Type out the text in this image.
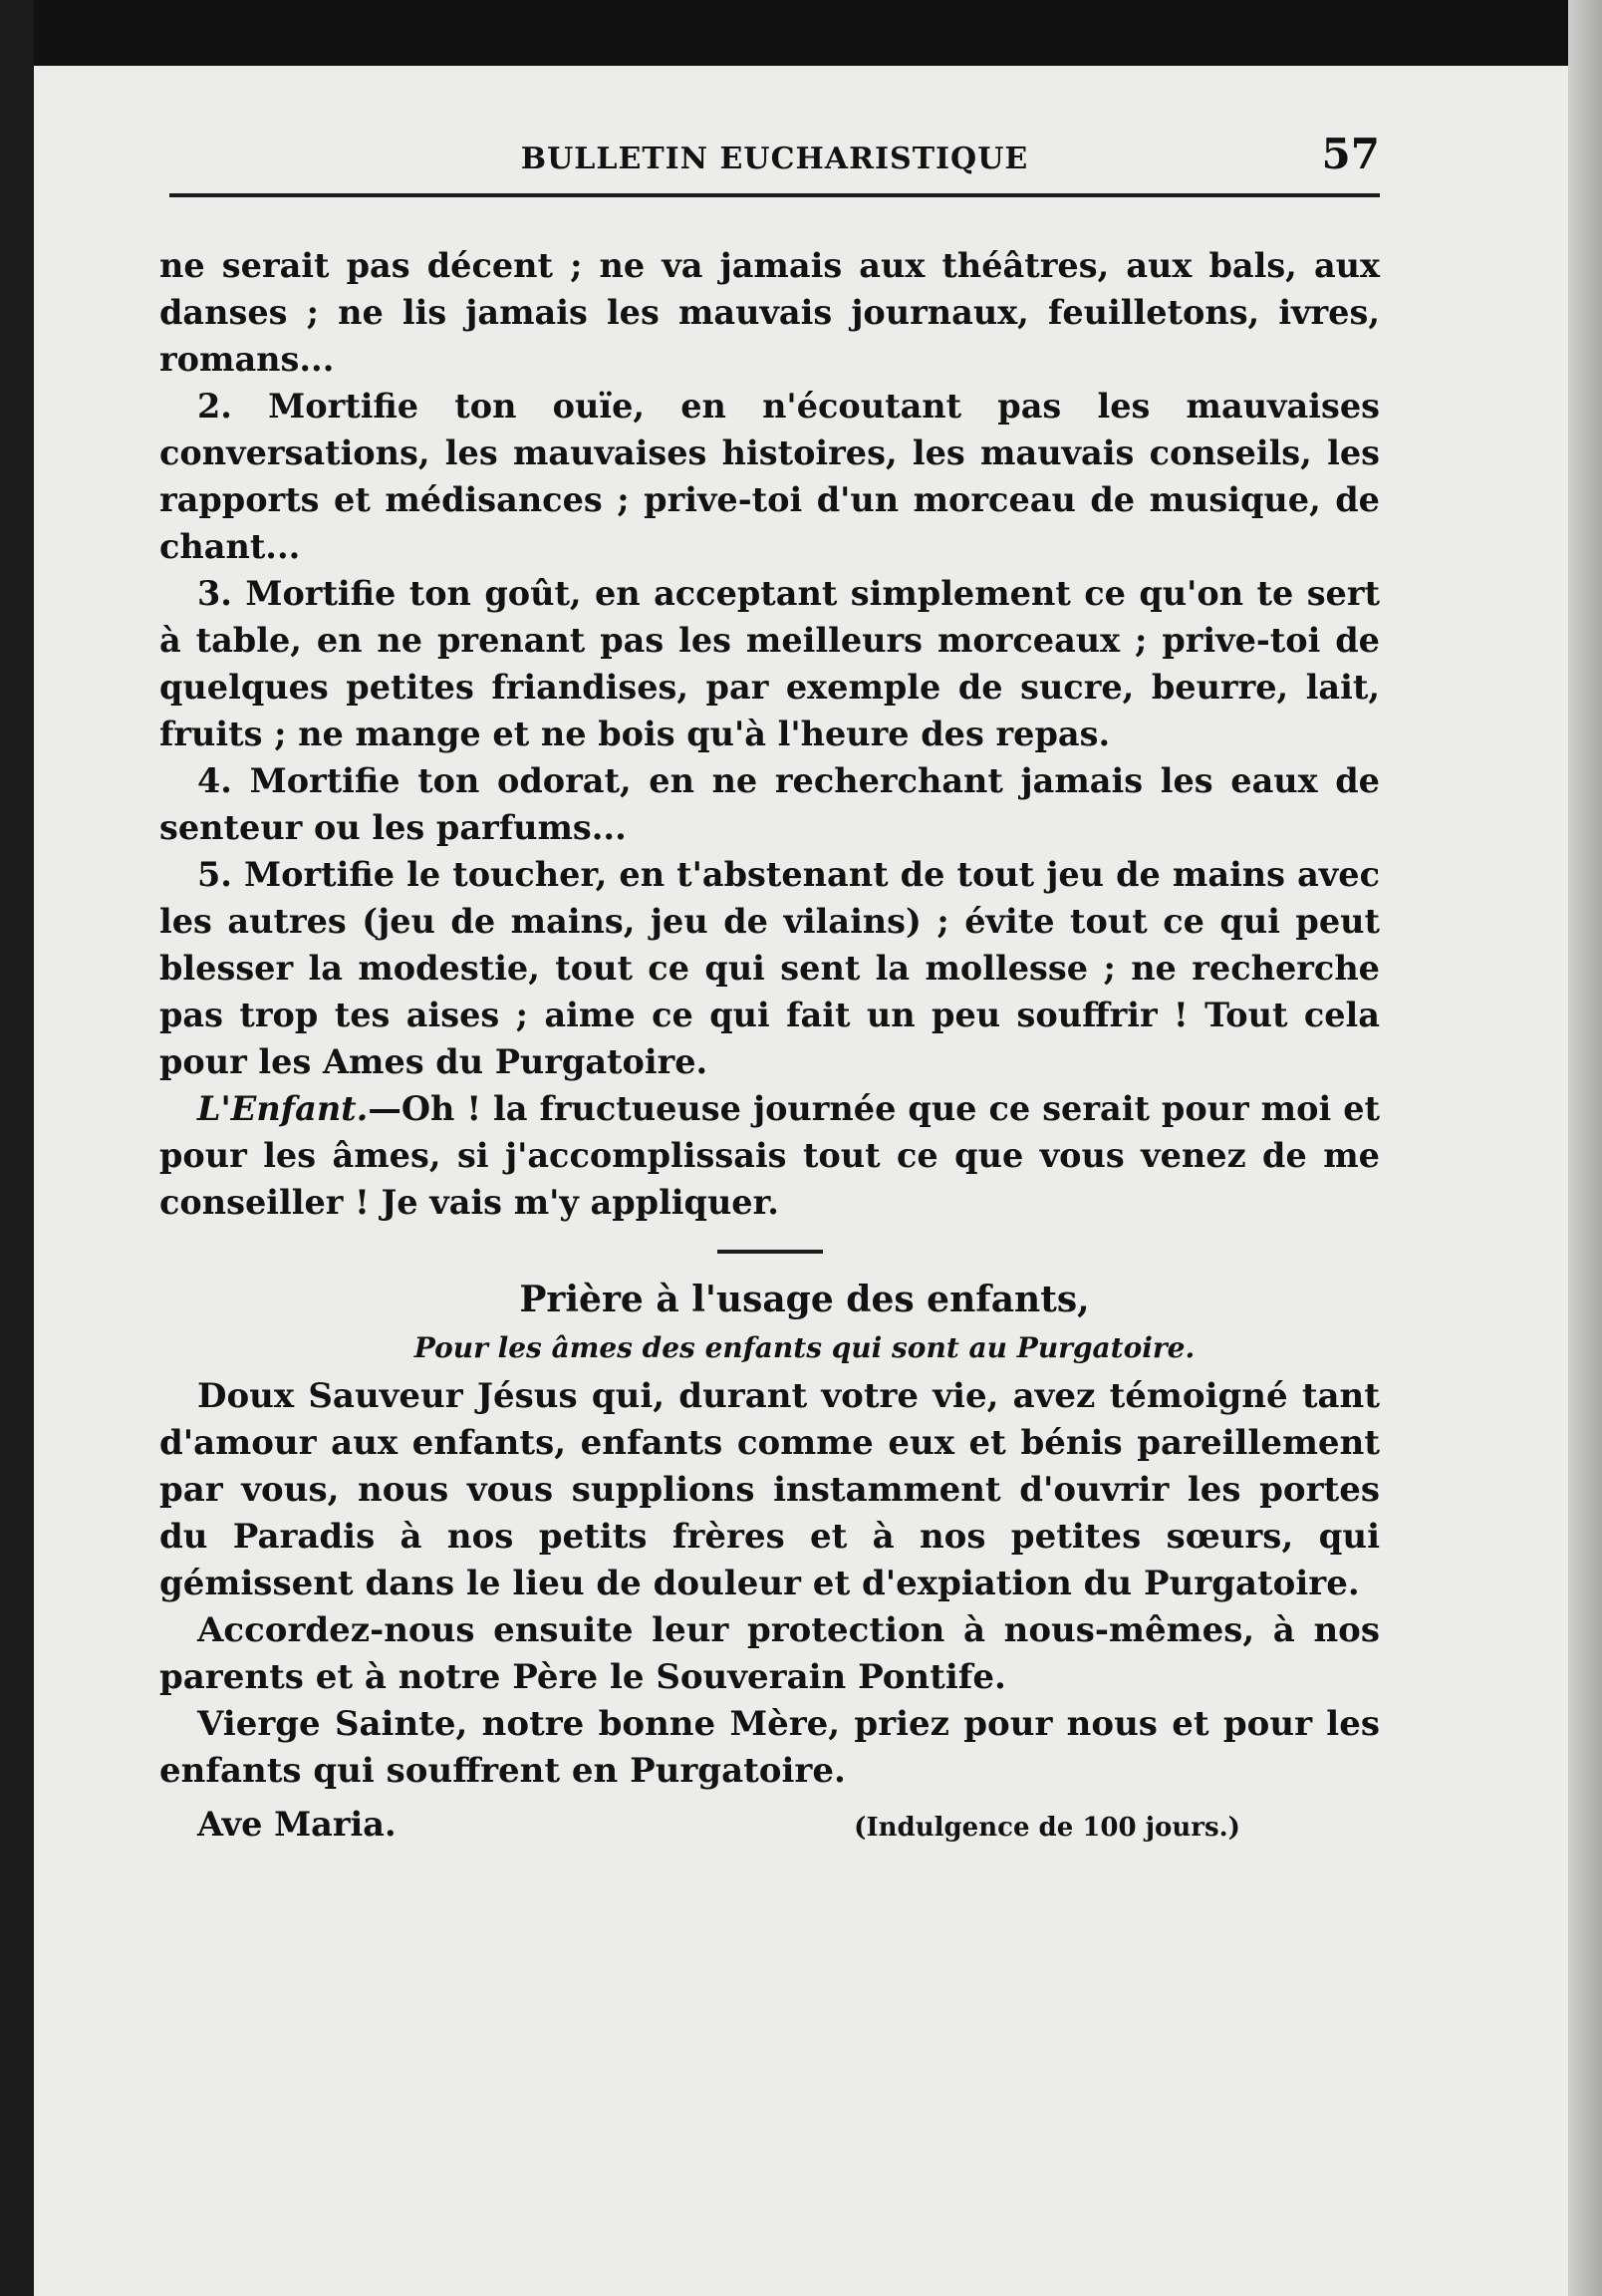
BULLETIN EUCHARISTIQUE	57

ne serait pas décent ; ne va jamais aux théâtres, aux bals, aux danses ; ne lis jamais les mauvais journaux, feuilletons, ivres, romans...

2. Mortifie ton ouïe, en n'écoutant pas les mauvaises conversations, les mauvaises histoires, les mauvais conseils, les rapports et médisances ; prive-toi d'un morceau de musique, de chant...

3. Mortifie ton goût, en acceptant simplement ce qu'on te sert à table, en ne prenant pas les meilleurs morceaux ; prive-toi de quelques petites friandises, par exemple de sucre, beurre, lait, fruits ; ne mange et ne bois qu'à l'heure des repas.

4. Mortifie ton odorat, en ne recherchant jamais les eaux de senteur ou les parfums...

5. Mortifie le toucher, en t'abstenant de tout jeu de mains avec les autres (jeu de mains, jeu de vilains) ; évite tout ce qui peut blesser la modestie, tout ce qui sent la mollesse ; ne recherche pas trop tes aises ; aime ce qui fait un peu souffrir ! Tout cela pour les Ames du Purgatoire.

L'Enfant.—Oh ! la fructueuse journée que ce serait pour moi et pour les âmes, si j'accomplissais tout ce que vous venez de me conseiller ! Je vais m'y appliquer.

Prière à l'usage des enfants,

Pour les âmes des enfants qui sont au Purgatoire.

Doux Sauveur Jésus qui, durant votre vie, avez témoigné tant d'amour aux enfants, enfants comme eux et bénis pareillement par vous, nous vous supplions instamment d'ouvrir les portes du Paradis à nos petits frères et à nos petites sœurs, qui gémissent dans le lieu de douleur et d'expiation du Purgatoire.

Accordez-nous ensuite leur protection à nous-mêmes, à nos parents et à notre Père le Souverain Pontife.

Vierge Sainte, notre bonne Mère, priez pour nous et pour les enfants qui souffrent en Purgatoire.

Ave Maria.	(Indulgence de 100 jours.)
